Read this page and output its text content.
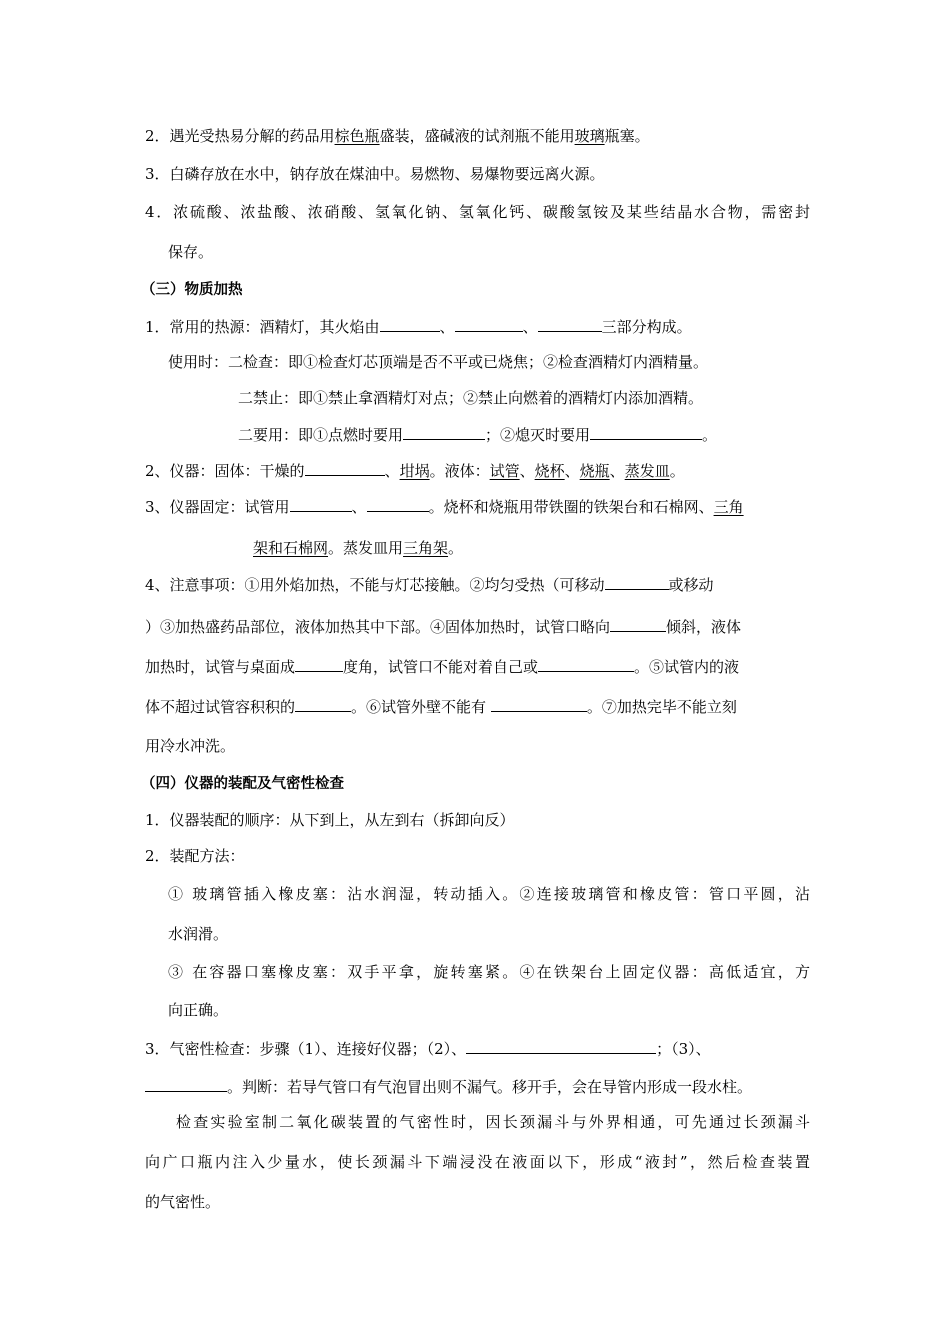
2．遇光受热易分解的药品用棕色瓶盛装，盛碱液的试剂瓶不能用玻璃瓶塞。
3．白磷存放在水中，钠存放在煤油中。易燃物、易爆物要远离火源。
4．浓硫酸、浓盐酸、浓硝酸、氢氧化钠、氢氧化钙、碳酸氢铵及某些结晶水合物，需密封
保存。
（三）物质加热
1．常用的热源：酒精灯，其火焰由	、	、	三部分构成。
使用时：二检查：即①检查灯芯顶端是否不平或已烧焦；②检查酒精灯内酒精量。
二禁止：即①禁止拿酒精灯对点；②禁止向燃着的酒精灯内添加酒精。
二要用：即①点燃时要用	；②熄灭时要用	。
2、仪器：固体：干燥的	、坩埚。液体：试管、烧杯、烧瓶、蒸发皿。
3、仪器固定：试管用	、	。烧杯和烧瓶用带铁圈的铁架台和石棉网、三角
架和石棉网。蒸发皿用三角架。
4、注意事项：①用外焰加热，不能与灯芯接触。②均匀受热（可移动	或移动
）③加热盛药品部位，液体加热其中下部。④固体加热时，试管口略向	倾斜，液体
加热时，试管与桌面成	度角，试管口不能对着自己或	。⑤试管内的液
体不超过试管容积积的	。⑥试管外壁不能有	。⑦加热完毕不能立刻
用冷水冲洗。
（四）仪器的装配及气密性检查
1．仪器装配的顺序：从下到上，从左到右（拆卸向反）
2．装配方法：
① 玻璃管插入橡皮塞：沾水润湿，转动插入。②连接玻璃管和橡皮管：管口平圆，沾
水润滑。
③ 在容器口塞橡皮塞：双手平拿，旋转塞紧。④在铁架台上固定仪器：高低适宜，方
向正确。
3．气密性检查：步骤（1）、连接好仪器；（2）、	；（3）、
。判断：若导气管口有气泡冒出则不漏气。移开手，会在导管内形成一段水柱。
检查实验室制二氧化碳装置的气密性时，因长颈漏斗与外界相通，可先通过长颈漏斗
向广口瓶内注入少量水，使长颈漏斗下端浸没在液面以下，形成“液封”，然后检查装置
的气密性。
